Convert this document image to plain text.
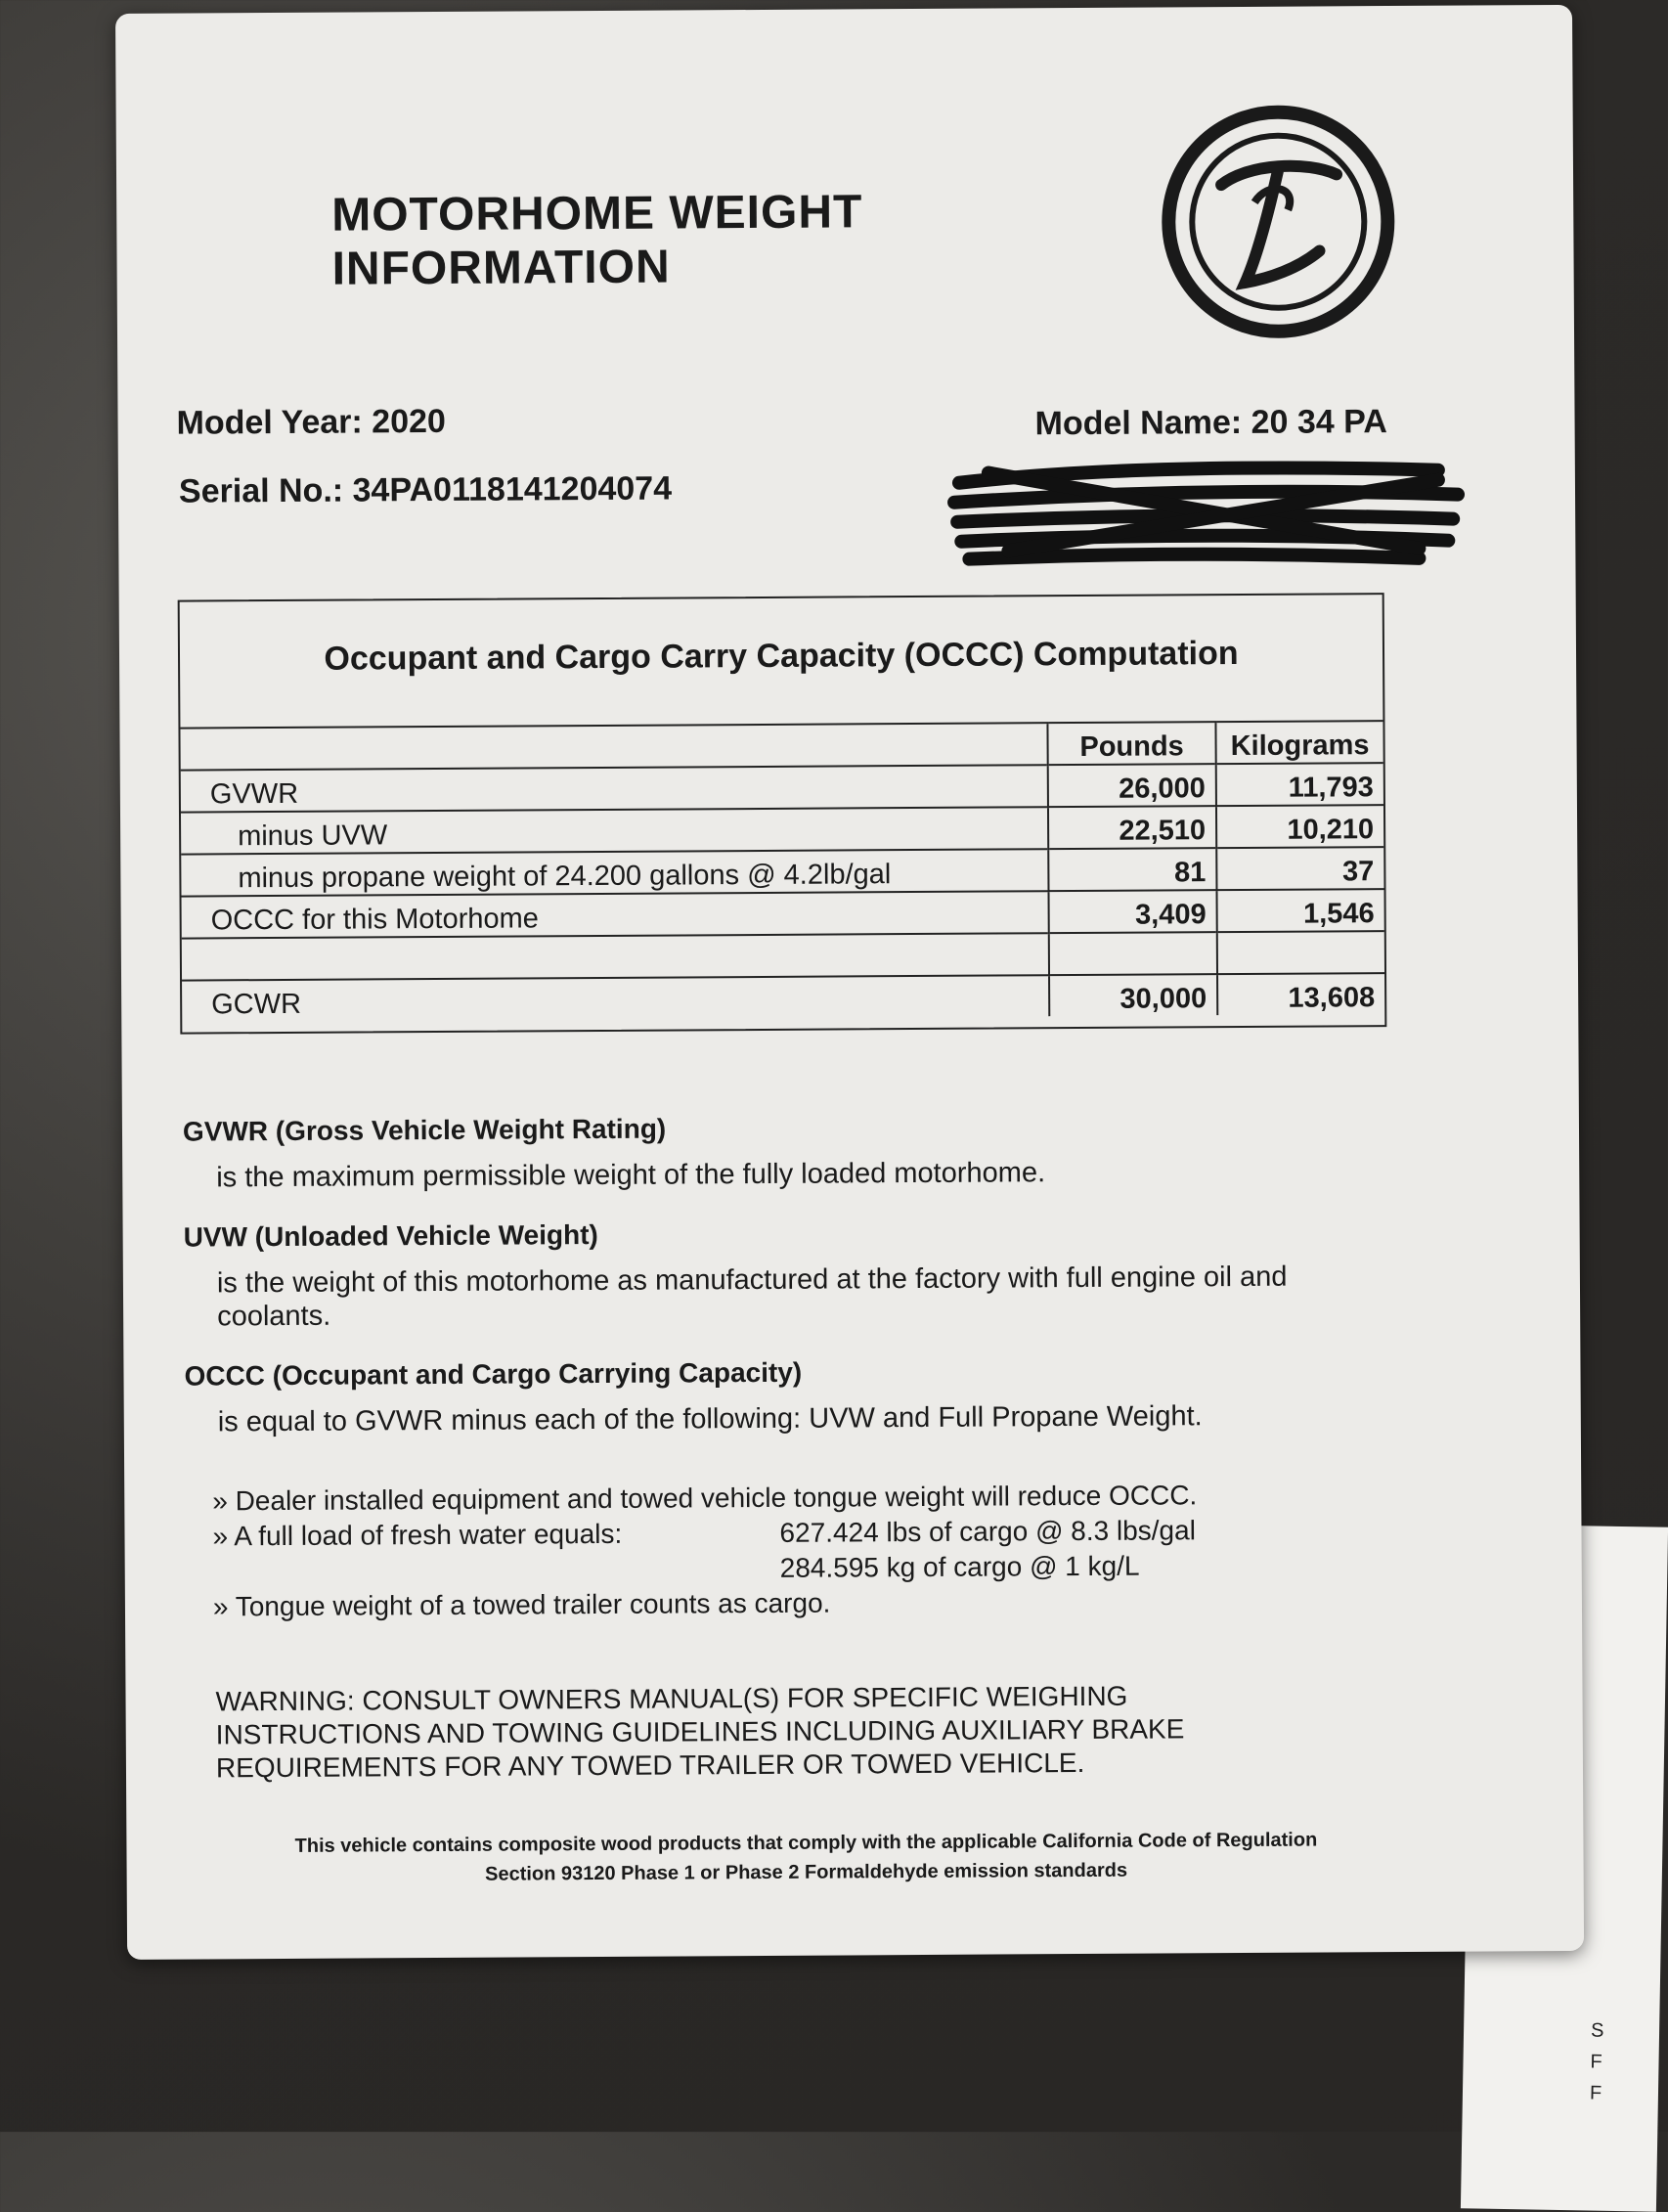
S
F
F
MOTORHOME WEIGHT INFORMATION
Model Year: 2020
Serial No.: 34PA0118141204074
Model Name: 20 34 PA
Occupant and Cargo Carry Capacity (OCCC) Computation
	Pounds	Kilograms
GVWR	26,000	11,793
minus UVW	22,510	10,210
minus propane weight of 24.200 gallons @ 4.2lb/gal	81	37
OCCC for this Motorhome	3,409	1,546

GCWR	30,000	13,608
GVWR (Gross Vehicle Weight Rating)
is the maximum permissible weight of the fully loaded motorhome.
UVW (Unloaded Vehicle Weight)
is the weight of this motorhome as manufactured at the factory with full engine oil and coolants.
OCCC (Occupant and Cargo Carrying Capacity)
is equal to GVWR minus each of the following: UVW and Full Propane Weight.
» Dealer installed equipment and towed vehicle tongue weight will reduce OCCC.
» A full load of fresh water equals:	627.424 lbs of cargo @ 8.3 lbs/gal
284.595 kg of cargo @ 1 kg/L
» Tongue weight of a towed trailer counts as cargo.
WARNING: CONSULT OWNERS MANUAL(S) FOR SPECIFIC WEIGHING INSTRUCTIONS AND TOWING GUIDELINES INCLUDING AUXILIARY BRAKE REQUIREMENTS FOR ANY TOWED TRAILER OR TOWED VEHICLE.
This vehicle contains composite wood products that comply with the applicable California Code of Regulation
Section 93120 Phase 1 or Phase 2 Formaldehyde emission standards
